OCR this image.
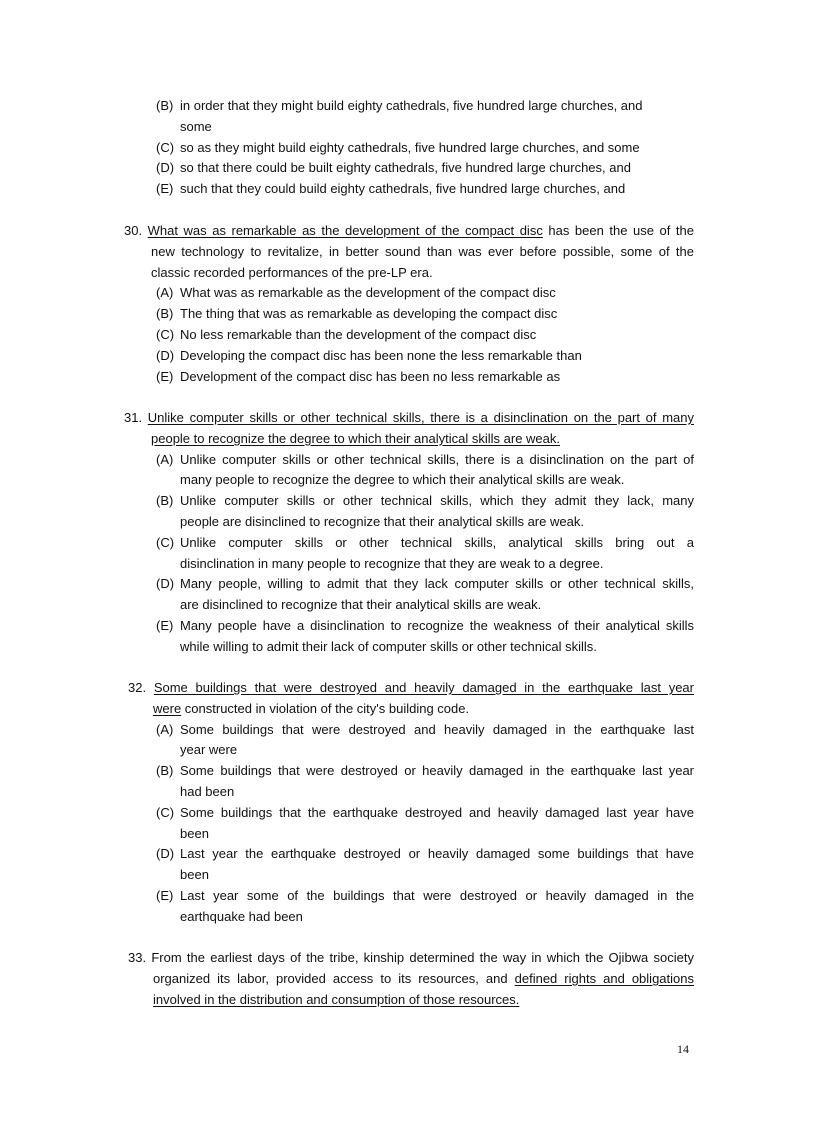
(B) in order that they might build eighty cathedrals, five hundred large churches, and
some
(C) so as they might build eighty cathedrals, five hundred large churches, and some
(D) so that there could be built eighty cathedrals, five hundred large churches, and
(E) such that they could build eighty cathedrals, five hundred large churches, and
30. What was as remarkable as the development of the compact disc has been the use of the
new technology to revitalize, in better sound than was ever before possible, some of the
classic recorded performances of the pre-LP era.
(A) What was as remarkable as the development of the compact disc
(B) The thing that was as remarkable as developing the compact disc
(C) No less remarkable than the development of the compact disc
(D) Developing the compact disc has been none the less remarkable than
(E) Development of the compact disc has been no less remarkable as
31. Unlike computer skills or other technical skills, there is a disinclination on the part of many
people to recognize the degree to which their analytical skills are weak.
(A) Unlike computer skills or other technical skills, there is a disinclination on the part of
many people to recognize the degree to which their analytical skills are weak.
(B) Unlike computer skills or other technical skills, which they admit they lack, many
people are disinclined to recognize that their analytical skills are weak.
(C) Unlike computer skills or other technical skills, analytical skills bring out a
disinclination in many people to recognize that they are weak to a degree.
(D) Many people, willing to admit that they lack computer skills or other technical skills,
are disinclined to recognize that their analytical skills are weak.
(E) Many people have a disinclination to recognize the weakness of their analytical skills
while willing to admit their lack of computer skills or other technical skills.
32. Some buildings that were destroyed and heavily damaged in the earthquake last year
were constructed in violation of the city's building code.
(A) Some buildings that were destroyed and heavily damaged in the earthquake last
year were
(B) Some buildings that were destroyed or heavily damaged in the earthquake last year
had been
(C) Some buildings that the earthquake destroyed and heavily damaged last year have
been
(D) Last year the earthquake destroyed or heavily damaged some buildings that have
been
(E) Last year some of the buildings that were destroyed or heavily damaged in the
earthquake had been
33. From the earliest days of the tribe, kinship determined the way in which the Ojibwa society
organized its labor, provided access to its resources, and defined rights and obligations
involved in the distribution and consumption of those resources.
14
